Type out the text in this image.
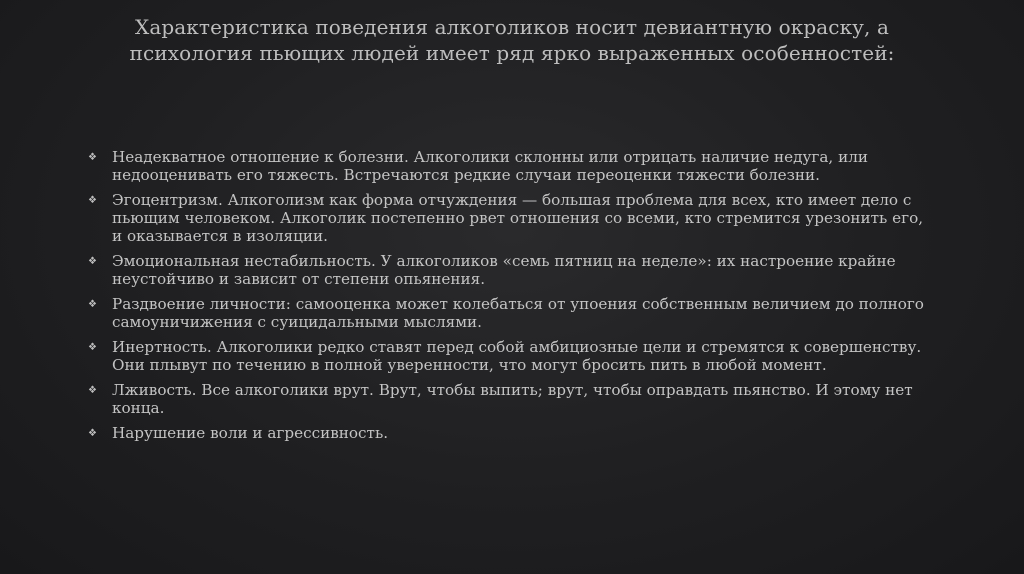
Характеристика поведения алкоголиков носит девиантную окраску, а психология пьющих людей имеет ряд ярко выраженных особенностей:
❖ Неадекватное отношение к болезни. Алкоголики склонны или отрицать наличие недуга, или недооценивать его тяжесть. Встречаются редкие случаи переоценки тяжести болезни.
❖ Эгоцентризм. Алкоголизм как форма отчуждения — большая проблема для всех, кто имеет дело с пьющим человеком. Алкоголик постепенно рвет отношения со всеми, кто стремится урезонить его, и оказывается в изоляции.
❖ Эмоциональная нестабильность. У алкоголиков «семь пятниц на неделе»: их настроение крайне неустойчиво и зависит от степени опьянения.
❖ Раздвоение личности: самооценка может колебаться от упоения собственным величием до полного самоуничижения с суицидальными мыслями.
❖ Инертность. Алкоголики редко ставят перед собой амбициозные цели и стремятся к совершенству. Они плывут по течению в полной уверенности, что могут бросить пить в любой момент.
❖ Лживость. Все алкоголики врут. Врут, чтобы выпить; врут, чтобы оправдать пьянство. И этому нет конца.
❖ Нарушение воли и агрессивность.
